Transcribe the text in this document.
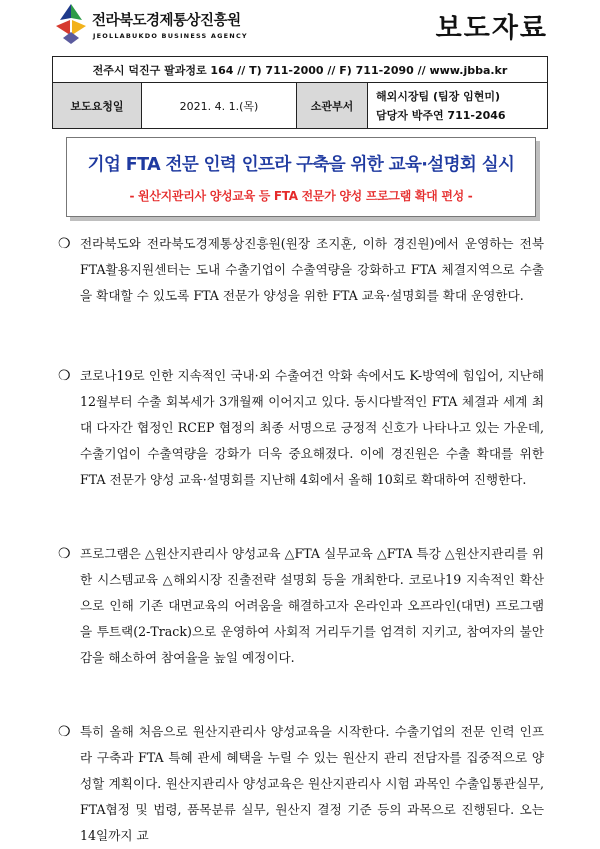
전라북도경제통상진흥원
JEOLLABUKDO BUSINESS AGENCY	보도자료
전주시 덕진구 팔과정로 164 // T) 711-2000 // F) 711-2090 // www.jbba.kr
보도요청일	2021. 4. 1.(목)	소관부서	
해외시장팀 (팀장 임현미)
담당자 박주연 711-2046
기업 FTA 전문 인력 인프라 구축을 위한 교육·설명회 실시
- 원산지관리사 양성교육 등 FTA 전문가 양성 프로그램 확대 편성 -
❍ 전라북도와 전라북도경제통상진흥원(원장 조지훈, 이하 경진원)에서 운영하는 전북FTA활용지원센터는 도내 수출기업이 수출역량을 강화하고 FTA 체결지역으로 수출을 확대할 수 있도록 FTA 전문가 양성을 위한 FTA 교육·설명회를 확대 운영한다.
❍ 코로나19로 인한 지속적인 국내·외 수출여건 악화 속에서도 K-방역에 힘입어, 지난해 12월부터 수출 회복세가 3개월째 이어지고 있다. 동시다발적인 FTA 체결과 세계 최대 다자간 협정인 RCEP 협정의 최종 서명으로 긍정적 신호가 나타나고 있는 가운데, 수출기업이 수출역량을 강화가 더욱 중요해졌다. 이에 경진원은 수출 확대를 위한 FTA 전문가 양성 교육·설명회를 지난해 4회에서 올해 10회로 확대하여 진행한다.
❍ 프로그램은 △원산지관리사 양성교육 △FTA 실무교육 △FTA 특강 △원산지관리를 위한 시스템교육 △해외시장 진출전략 설명회 등을 개최한다. 코로나19 지속적인 확산으로 인해 기존 대면교육의 어려움을 해결하고자 온라인과 오프라인(대면) 프로그램을 투트랙(2-Track)으로 운영하여 사회적 거리두기를 엄격히 지키고, 참여자의 불안감을 해소하여 참여율을 높일 예정이다.
❍ 특히 올해 처음으로 원산지관리사 양성교육을 시작한다. 수출기업의 전문 인력 인프라 구축과 FTA 특혜 관세 혜택을 누릴 수 있는 원산지 관리 전담자를 집중적으로 양성할 계획이다. 원산지관리사 양성교육은 원산지관리사 시험 과목인 수출입통관실무, FTA협정 및 법령, 품목분류 실무, 원산지 결정 기준 등의 과목으로 진행된다. 오는 14일까지 교
